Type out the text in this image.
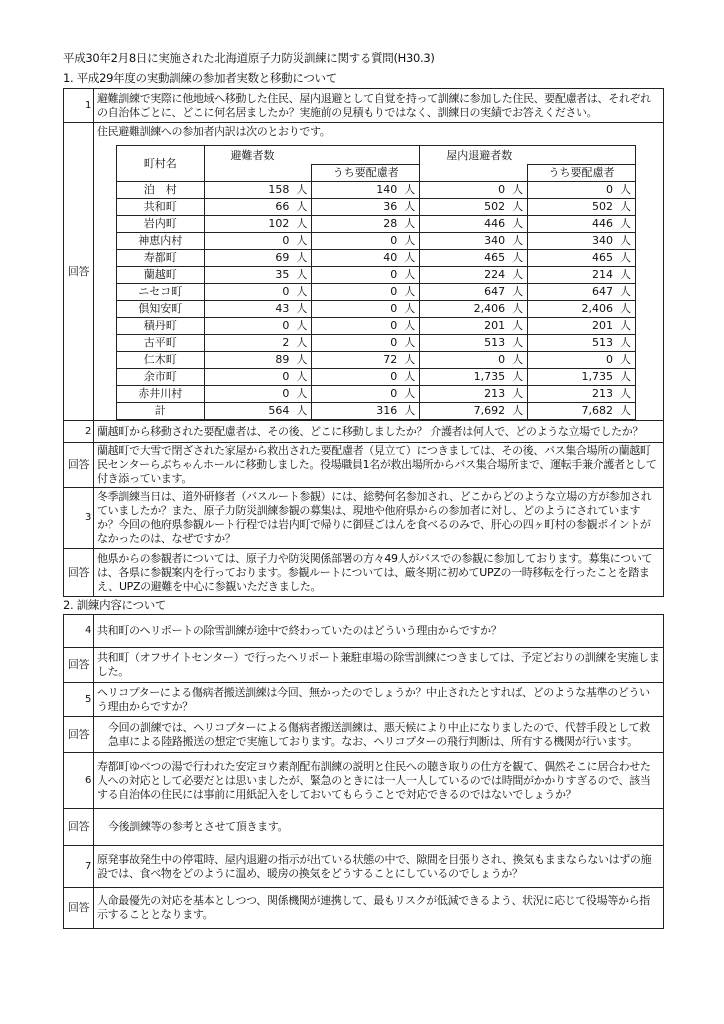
平成30年2月8日に実施された北海道原子力防災訓練に関する質問(H30.3)
1. 平成29年度の実動訓練の参加者実数と移動について
1	避難訓練で実際に他地域へ移動した住民、屋内退避として自覚を持って訓練に参加した住民、要配慮者は、それぞれの自治体ごとに、どこに何名居ましたか？実施前の見積もりではなく、訓練日の実績でお答えください。
回答	
住民避難訓練への参加者内訳は次のとおりです。
町村名	避難者数	屋内退避者数
	うち要配慮者		うち要配慮者
泊　村	158 人	140 人	0 人	0 人
共和町	66 人	36 人	502 人	502 人
岩内町	102 人	28 人	446 人	446 人
神恵内村	0 人	0 人	340 人	340 人
寿都町	69 人	40 人	465 人	465 人
蘭越町	35 人	0 人	224 人	214 人
ニセコ町	0 人	0 人	647 人	647 人
倶知安町	43 人	0 人	2,406 人	2,406 人
積丹町	0 人	0 人	201 人	201 人
古平町	2 人	0 人	513 人	513 人
仁木町	89 人	72 人	0 人	0 人
余市町	0 人	0 人	1,735 人	1,735 人
赤井川村	0 人	0 人	213 人	213 人
計	564 人	316 人	7,692 人	7,682 人

2	蘭越町から移動された要配慮者は、その後、どこに移動しましたか？ 介護者は何人で、どのような立場でしたか？
回答	蘭越町で大雪で閉ざされた家屋から救出された要配慮者（見立て）につきましては、その後、バス集合場所の蘭越町民センターらぶちゃんホールに移動しました。役場職員1名が救出場所からバス集合場所まで、運転手兼介護者として付き添っています。
3	冬季訓練当日は、道外研修者（バスルート参観）には、総勢何名参加され、どこからどのような立場の方が参加されていましたか？また、原子力防災訓練参観の募集は、現地や他府県からの参加者に対し、どのようにされていますか？今回の他府県参観ルート行程では岩内町で帰りに御昼ごはんを食べるのみで、肝心の四ヶ町村の参観ポイントがなかったのは、なぜですか？
回答	他県からの参観者については、原子力や防災関係部署の方々49人がバスでの参観に参加しております。募集については、各県に参観案内を行っております。参観ルートについては、厳冬期に初めてUPZの一時移転を行ったことを踏まえ、UPZの避難を中心に参観いただきました。
2. 訓練内容について
4	共和町のヘリポートの除雪訓練が途中で終わっていたのはどういう理由からですか？
回答	共和町（オフサイトセンター）で行ったヘリポート兼駐車場の除雪訓練につきましては、予定どおりの訓練を実施しました。
5	ヘリコプターによる傷病者搬送訓練は今回、無かったのでしょうか？中止されたとすれば、どのような基準のどういう理由からですか？
回答	今回の訓練では、ヘリコプターによる傷病者搬送訓練は、悪天候により中止になりましたので、代替手段として救急車による陸路搬送の想定で実施しております。なお、ヘリコプターの飛行判断は、所有する機関が行います。
6	寿都町ゆべつの湯で行われた安定ヨウ素剤配布訓練の説明と住民への聴き取りの仕方を観て、偶然そこに居合わせた人への対応として必要だとは思いましたが、緊急のときには一人一人しているのでは時間がかかりすぎるので、該当する自治体の住民には事前に用紙記入をしておいてもらうことで対応できるのではないでしょうか？
回答	今後訓練等の参考とさせて頂きます。
7	原発事故発生中の停電時、屋内退避の指示が出ている状態の中で、隙間を目張りされ、換気もままならないはずの施設では、食べ物をどのように温め、暖房の換気をどうすることにしているのでしょうか？
回答	人命最優先の対応を基本としつつ、関係機関が連携して、最もリスクが低減できるよう、状況に応じて役場等から指示することとなります。
